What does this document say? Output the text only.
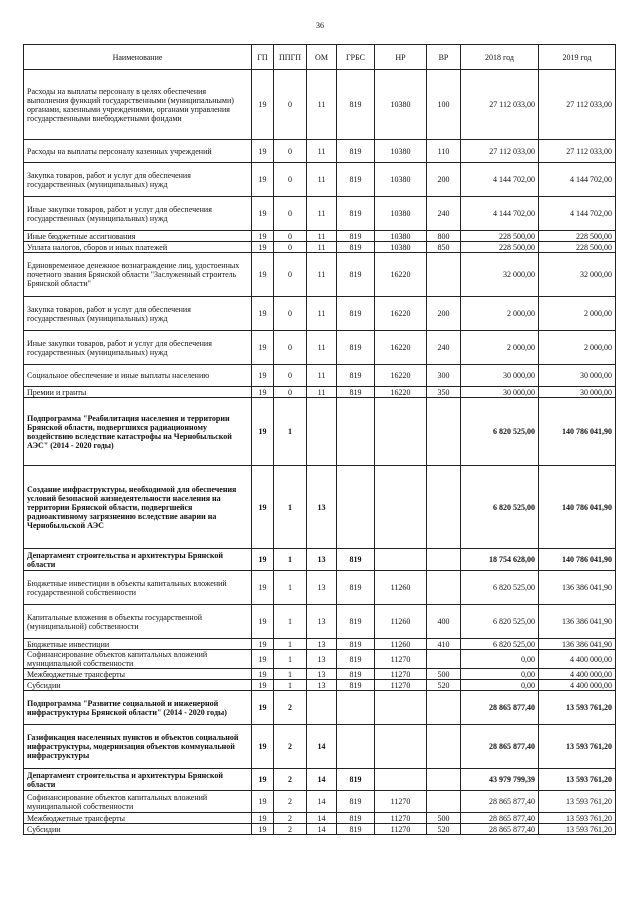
36
Наименование	ГП	ППГП	ОМ	ГРБС	НР	ВР	2018 год	2019 год
Расходы на выплаты персоналу в целях обеспечения выполнения функций государственными (муниципальными) органами, казенными учреждениями, органами управления государственными внебюджетными фондами	19	0	11	819	10380	100	27 112 033,00	27 112 033,00
Расходы на выплаты персоналу казенных учреждений	19	0	11	819	10380	110	27 112 033,00	27 112 033,00
Закупка товаров, работ и услуг для обеспечения государственных (муниципальных) нужд	19	0	11	819	10380	200	4 144 702,00	4 144 702,00
Иные закупки товаров, работ и услуг для обеспечения государственных (муниципальных) нужд	19	0	11	819	10380	240	4 144 702,00	4 144 702,00
Иные бюджетные ассигнования	19	0	11	819	10380	800	228 500,00	228 500,00
Уплата налогов, сборов и иных платежей	19	0	11	819	10380	850	228 500,00	228 500,00
Единовременное денежное вознаграждение лиц, удостоенных почетного звания Брянской области "Заслуженный строитель Брянской области"	19	0	11	819	16220		32 000,00	32 000,00
Закупка товаров, работ и услуг для обеспечения государственных (муниципальных) нужд	19	0	11	819	16220	200	2 000,00	2 000,00
Иные закупки товаров, работ и услуг для обеспечения государственных (муниципальных) нужд	19	0	11	819	16220	240	2 000,00	2 000,00
Социальное обеспечение и иные выплаты населению	19	0	11	819	16220	300	30 000,00	30 000,00
Премии и гранты	19	0	11	819	16220	350	30 000,00	30 000,00
Подпрограмма "Реабилитация населения и территории Брянской области, подвергшихся радиационному воздействию вследствие катастрофы на Чернобыльской АЭС" (2014 - 2020 годы)	19	1					6 820 525,00	140 786 041,90
Создание инфраструктуры, необходимой для обеспечения условий безопасной жизнедеятельности населения на территории Брянской области, подвергшейся радиоактивному загрязнению вследствие аварии на Чернобыльской АЭС	19	1	13				6 820 525,00	140 786 041,90
Департамент строительства и архитектуры Брянской области	19	1	13	819			18 754 628,00	140 786 041,90
Бюджетные инвестиции в объекты капитальных вложений государственной собственности	19	1	13	819	11260		6 820 525,00	136 386 041,90
Капитальные вложения в объекты государственной (муниципальной) собственности	19	1	13	819	11260	400	6 820 525,00	136 386 041,90
Бюджетные инвестиции	19	1	13	819	11260	410	6 820 525,00	136 386 041,90
Софинансирование объектов капитальных вложений муниципальной собственности	19	1	13	819	11270		0,00	4 400 000,00
Межбюджетные трансферты	19	1	13	819	11270	500	0,00	4 400 000,00
Субсидии	19	1	13	819	11270	520	0,00	4 400 000,00
Подпрограмма "Развитие социальной и инженерной инфраструктуры Брянской области" (2014 - 2020 годы)	19	2					28 865 877,40	13 593 761,20
Газификация населенных пунктов и объектов социальной инфраструктуры, модернизация объектов коммунальной инфраструктуры	19	2	14				28 865 877,40	13 593 761,20
Департамент строительства и архитектуры Брянской области	19	2	14	819			43 979 799,39	13 593 761,20
Софинансирование объектов капитальных вложений муниципальной собственности	19	2	14	819	11270		28 865 877,40	13 593 761,20
Межбюджетные трансферты	19	2	14	819	11270	500	28 865 877,40	13 593 761,20
Субсидии	19	2	14	819	11270	520	28 865 877,40	13 593 761,20
